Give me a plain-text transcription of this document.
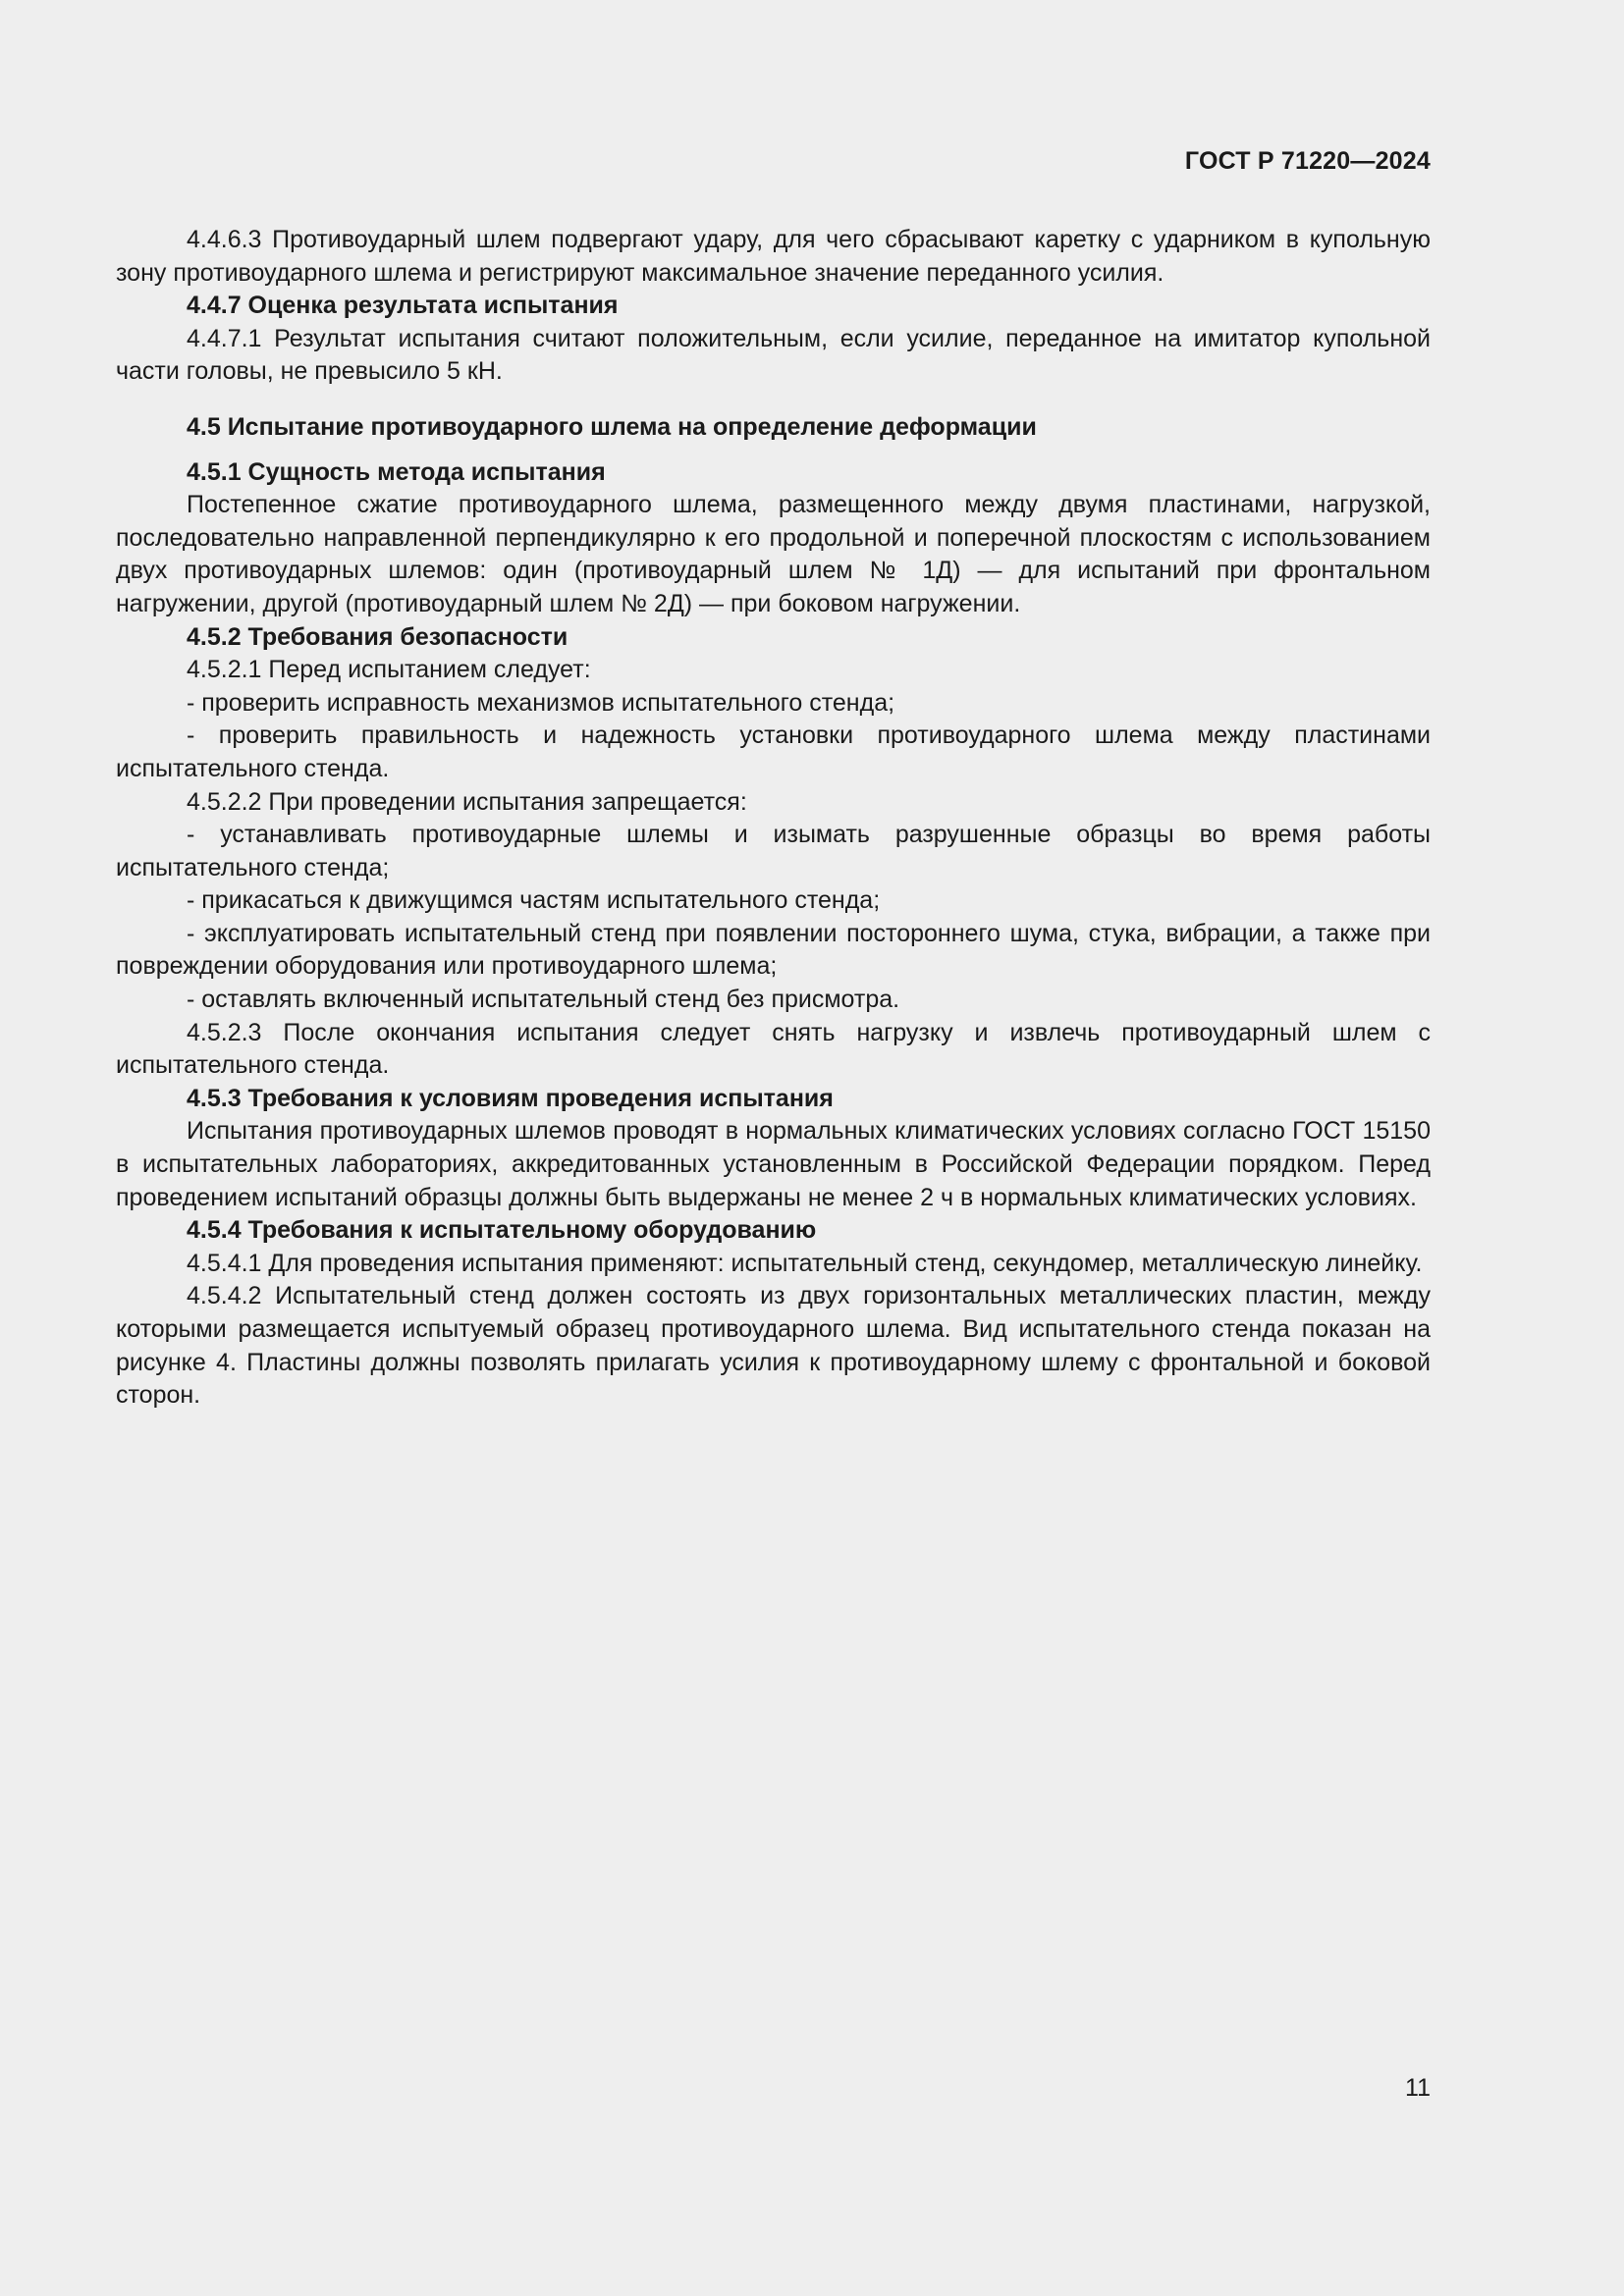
ГОСТ Р 71220—2024

4.4.6.3 Противоударный шлем подвергают удару, для чего сбрасывают каретку с ударником в купольную зону противоударного шлема и регистрируют максимальное значение переданного усилия.

4.4.7 Оценка результата испытания

4.4.7.1 Результат испытания считают положительным, если усилие, переданное на имитатор купольной части головы, не превысило 5 кН.

4.5 Испытание противоударного шлема на определение деформации

4.5.1 Сущность метода испытания

Постепенное сжатие противоударного шлема, размещенного между двумя пластинами, нагрузкой, последовательно направленной перпендикулярно к его продольной и поперечной плоскостям с использованием двух противоударных шлемов: один (противоударный шлем № 1Д) — для испытаний при фронтальном нагружении, другой (противоударный шлем № 2Д) — при боковом нагружении.

4.5.2 Требования безопасности

4.5.2.1 Перед испытанием следует:

- проверить исправность механизмов испытательного стенда;

- проверить правильность и надежность установки противоударного шлема между пластинами испытательного стенда.

4.5.2.2 При проведении испытания запрещается:

- устанавливать противоударные шлемы и изымать разрушенные образцы во время работы испытательного стенда;

- прикасаться к движущимся частям испытательного стенда;

- эксплуатировать испытательный стенд при появлении постороннего шума, стука, вибрации, а также при повреждении оборудования или противоударного шлема;

- оставлять включенный испытательный стенд без присмотра.

4.5.2.3 После окончания испытания следует снять нагрузку и извлечь противоударный шлем с испытательного стенда.

4.5.3 Требования к условиям проведения испытания

Испытания противоударных шлемов проводят в нормальных климатических условиях согласно ГОСТ 15150 в испытательных лабораториях, аккредитованных установленным в Российской Федерации порядком. Перед проведением испытаний образцы должны быть выдержаны не менее 2 ч в нормальных климатических условиях.

4.5.4 Требования к испытательному оборудованию

4.5.4.1 Для проведения испытания применяют: испытательный стенд, секундомер, металлическую линейку.

4.5.4.2 Испытательный стенд должен состоять из двух горизонтальных металлических пластин, между которыми размещается испытуемый образец противоударного шлема. Вид испытательного стенда показан на рисунке 4. Пластины должны позволять прилагать усилия к противоударному шлему с фронтальной и боковой сторон.

11
